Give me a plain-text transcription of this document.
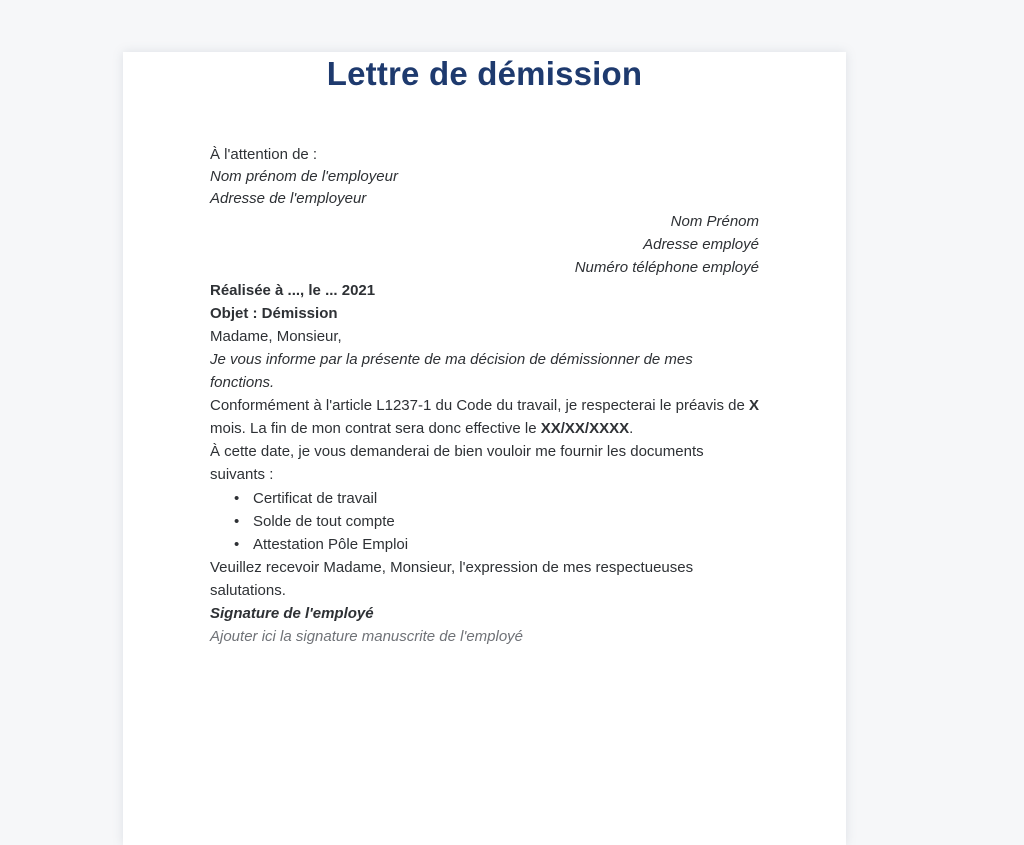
Lettre de démission
À l'attention de :
Nom prénom de l'employeur
Adresse de l'employeur
Nom Prénom
Adresse employé
Numéro téléphone employé

Réalisée à ..., le ... 2021

Objet : Démission

Madame, Monsieur,

Je vous informe par la présente de ma décision de démissionner de mes fonctions.

Conformément à l'article L1237-1 du Code du travail, je respecterai le préavis de X
mois. La fin de mon contrat sera donc effective le XX/XX/XXXX.

À cette date, je vous demanderai de bien vouloir me fournir les documents suivants :

• Certificat de travail
• Solde de tout compte
• Attestation Pôle Emploi

Veuillez recevoir Madame, Monsieur, l'expression de mes respectueuses
salutations.

Signature de l'employé

Ajouter ici la signature manuscrite de l'employé
